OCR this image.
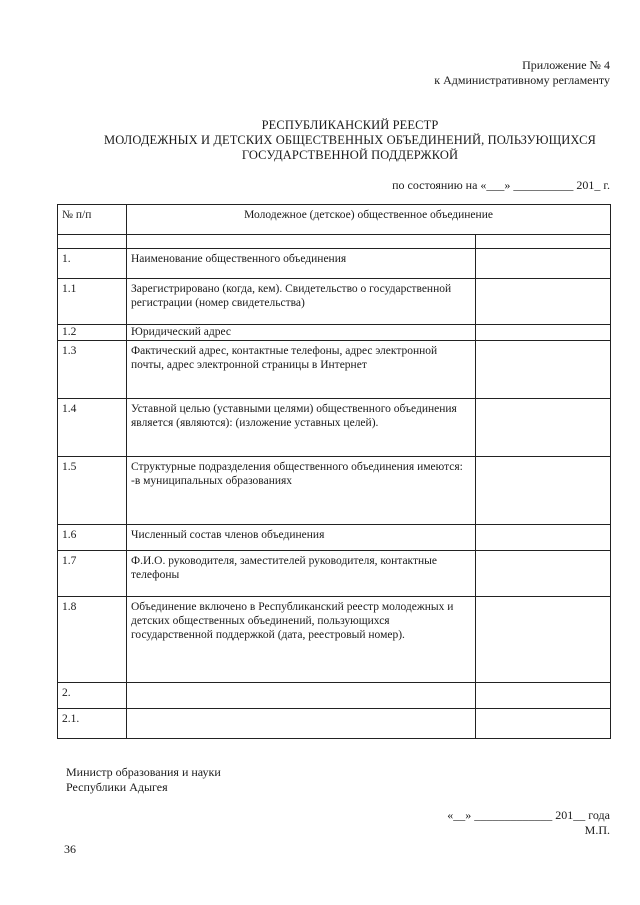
Приложение № 4
к Административному регламенту
РЕСПУБЛИКАНСКИЙ РЕЕСТР
МОЛОДЕЖНЫХ И ДЕТСКИХ ОБЩЕСТВЕННЫХ ОБЪЕДИНЕНИЙ, ПОЛЬЗУЮЩИХСЯ
ГОСУДАРСТВЕННОЙ ПОДДЕРЖКОЙ
по состоянию на «___» __________ 201_ г.
№ п/п	Молодежное (детское) общественное объединение	

1.	Наименование общественного объединения	
1.1	Зарегистрировано (когда, кем). Свидетельство о государственной регистрации (номер свидетельства)	
1.2	Юридический адрес	
1.3	Фактический адрес, контактные телефоны, адрес электронной почты, адрес электронной страницы в Интернет	
1.4	Уставной целью (уставными целями) общественного объединения является (являются): (изложение уставных целей).	
1.5	Структурные подразделения общественного объединения имеются: -в муниципальных образованиях	
1.6	Численный состав членов объединения	
1.7	Ф.И.О. руководителя, заместителей руководителя, контактные телефоны	
1.8	Объединение включено в Республиканский реестр молодежных и детских общественных объединений, пользующихся государственной поддержкой (дата, реестровый номер).	
2.		
2.1.		
Министр образования и науки
Республики Адыгея
«__» _____________ 201__ года
М.П.
36
